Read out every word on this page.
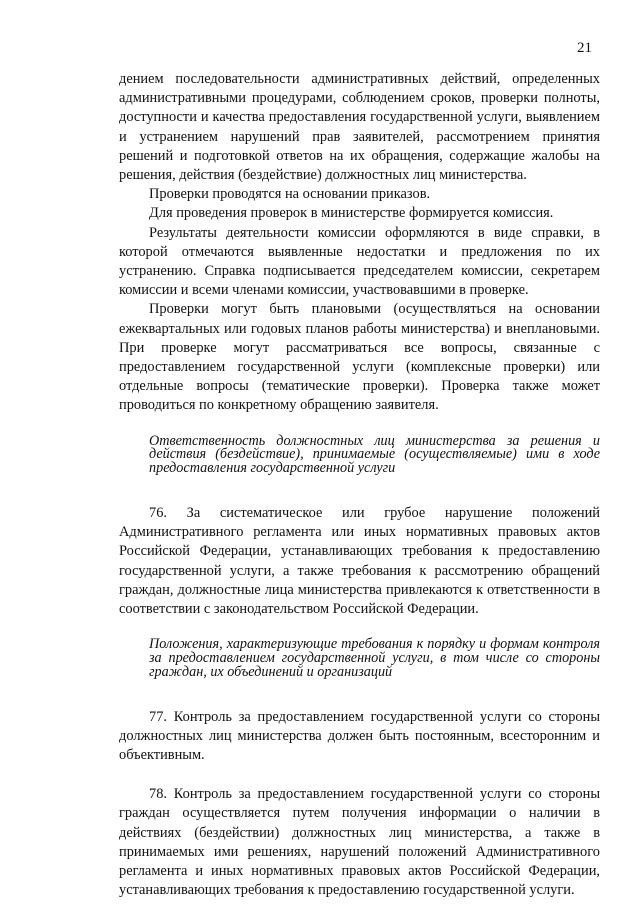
21

дением последовательности административных действий, определенных административными процедурами, соблюдением сроков, проверки полноты, доступности и качества предоставления государственной услуги, выявлением и устранением нарушений прав заявителей, рассмотрением принятия решений и подготовкой ответов на их обращения, содержащие жалобы на решения, действия (бездействие) должностных лиц министерства.

Проверки проводятся на основании приказов.

Для проведения проверок в министерстве формируется комиссия.

Результаты деятельности комиссии оформляются в виде справки, в которой отмечаются выявленные недостатки и предложения по их устранению. Справка подписывается председателем комиссии, секретарем комиссии и всеми членами комиссии, участвовавшими в проверке.

Проверки могут быть плановыми (осуществляться на основании ежеквартальных или годовых планов работы министерства) и внеплановыми. При проверке могут рассматриваться все вопросы, связанные с предоставлением государственной услуги (комплексные проверки) или отдельные вопросы (тематические проверки). Проверка также может проводиться по конкретному обращению заявителя.

Ответственность должностных лиц министерства за решения и действия (бездействие), принимаемые (осуществляемые) ими в ходе предоставления государственной услуги

76. За систематическое или грубое нарушение положений Административного регламента или иных нормативных правовых актов Российской Федерации, устанавливающих требования к предоставлению государственной услуги, а также требования к рассмотрению обращений граждан, должностные лица министерства привлекаются к ответственности в соответствии с законодательством Российской Федерации.

Положения, характеризующие требования к порядку и формам контроля за предоставлением государственной услуги, в том числе со стороны граждан, их объединений и организаций

77. Контроль за предоставлением государственной услуги со стороны должностных лиц министерства должен быть постоянным, всесторонним и объективным.

78. Контроль за предоставлением государственной услуги со стороны граждан осуществляется путем получения информации о наличии в действиях (бездействии) должностных лиц министерства, а также в принимаемых ими решениях, нарушений положений Административного регламента и иных нормативных правовых актов Российской Федерации, устанавливающих требования к предоставлению государственной услуги.
